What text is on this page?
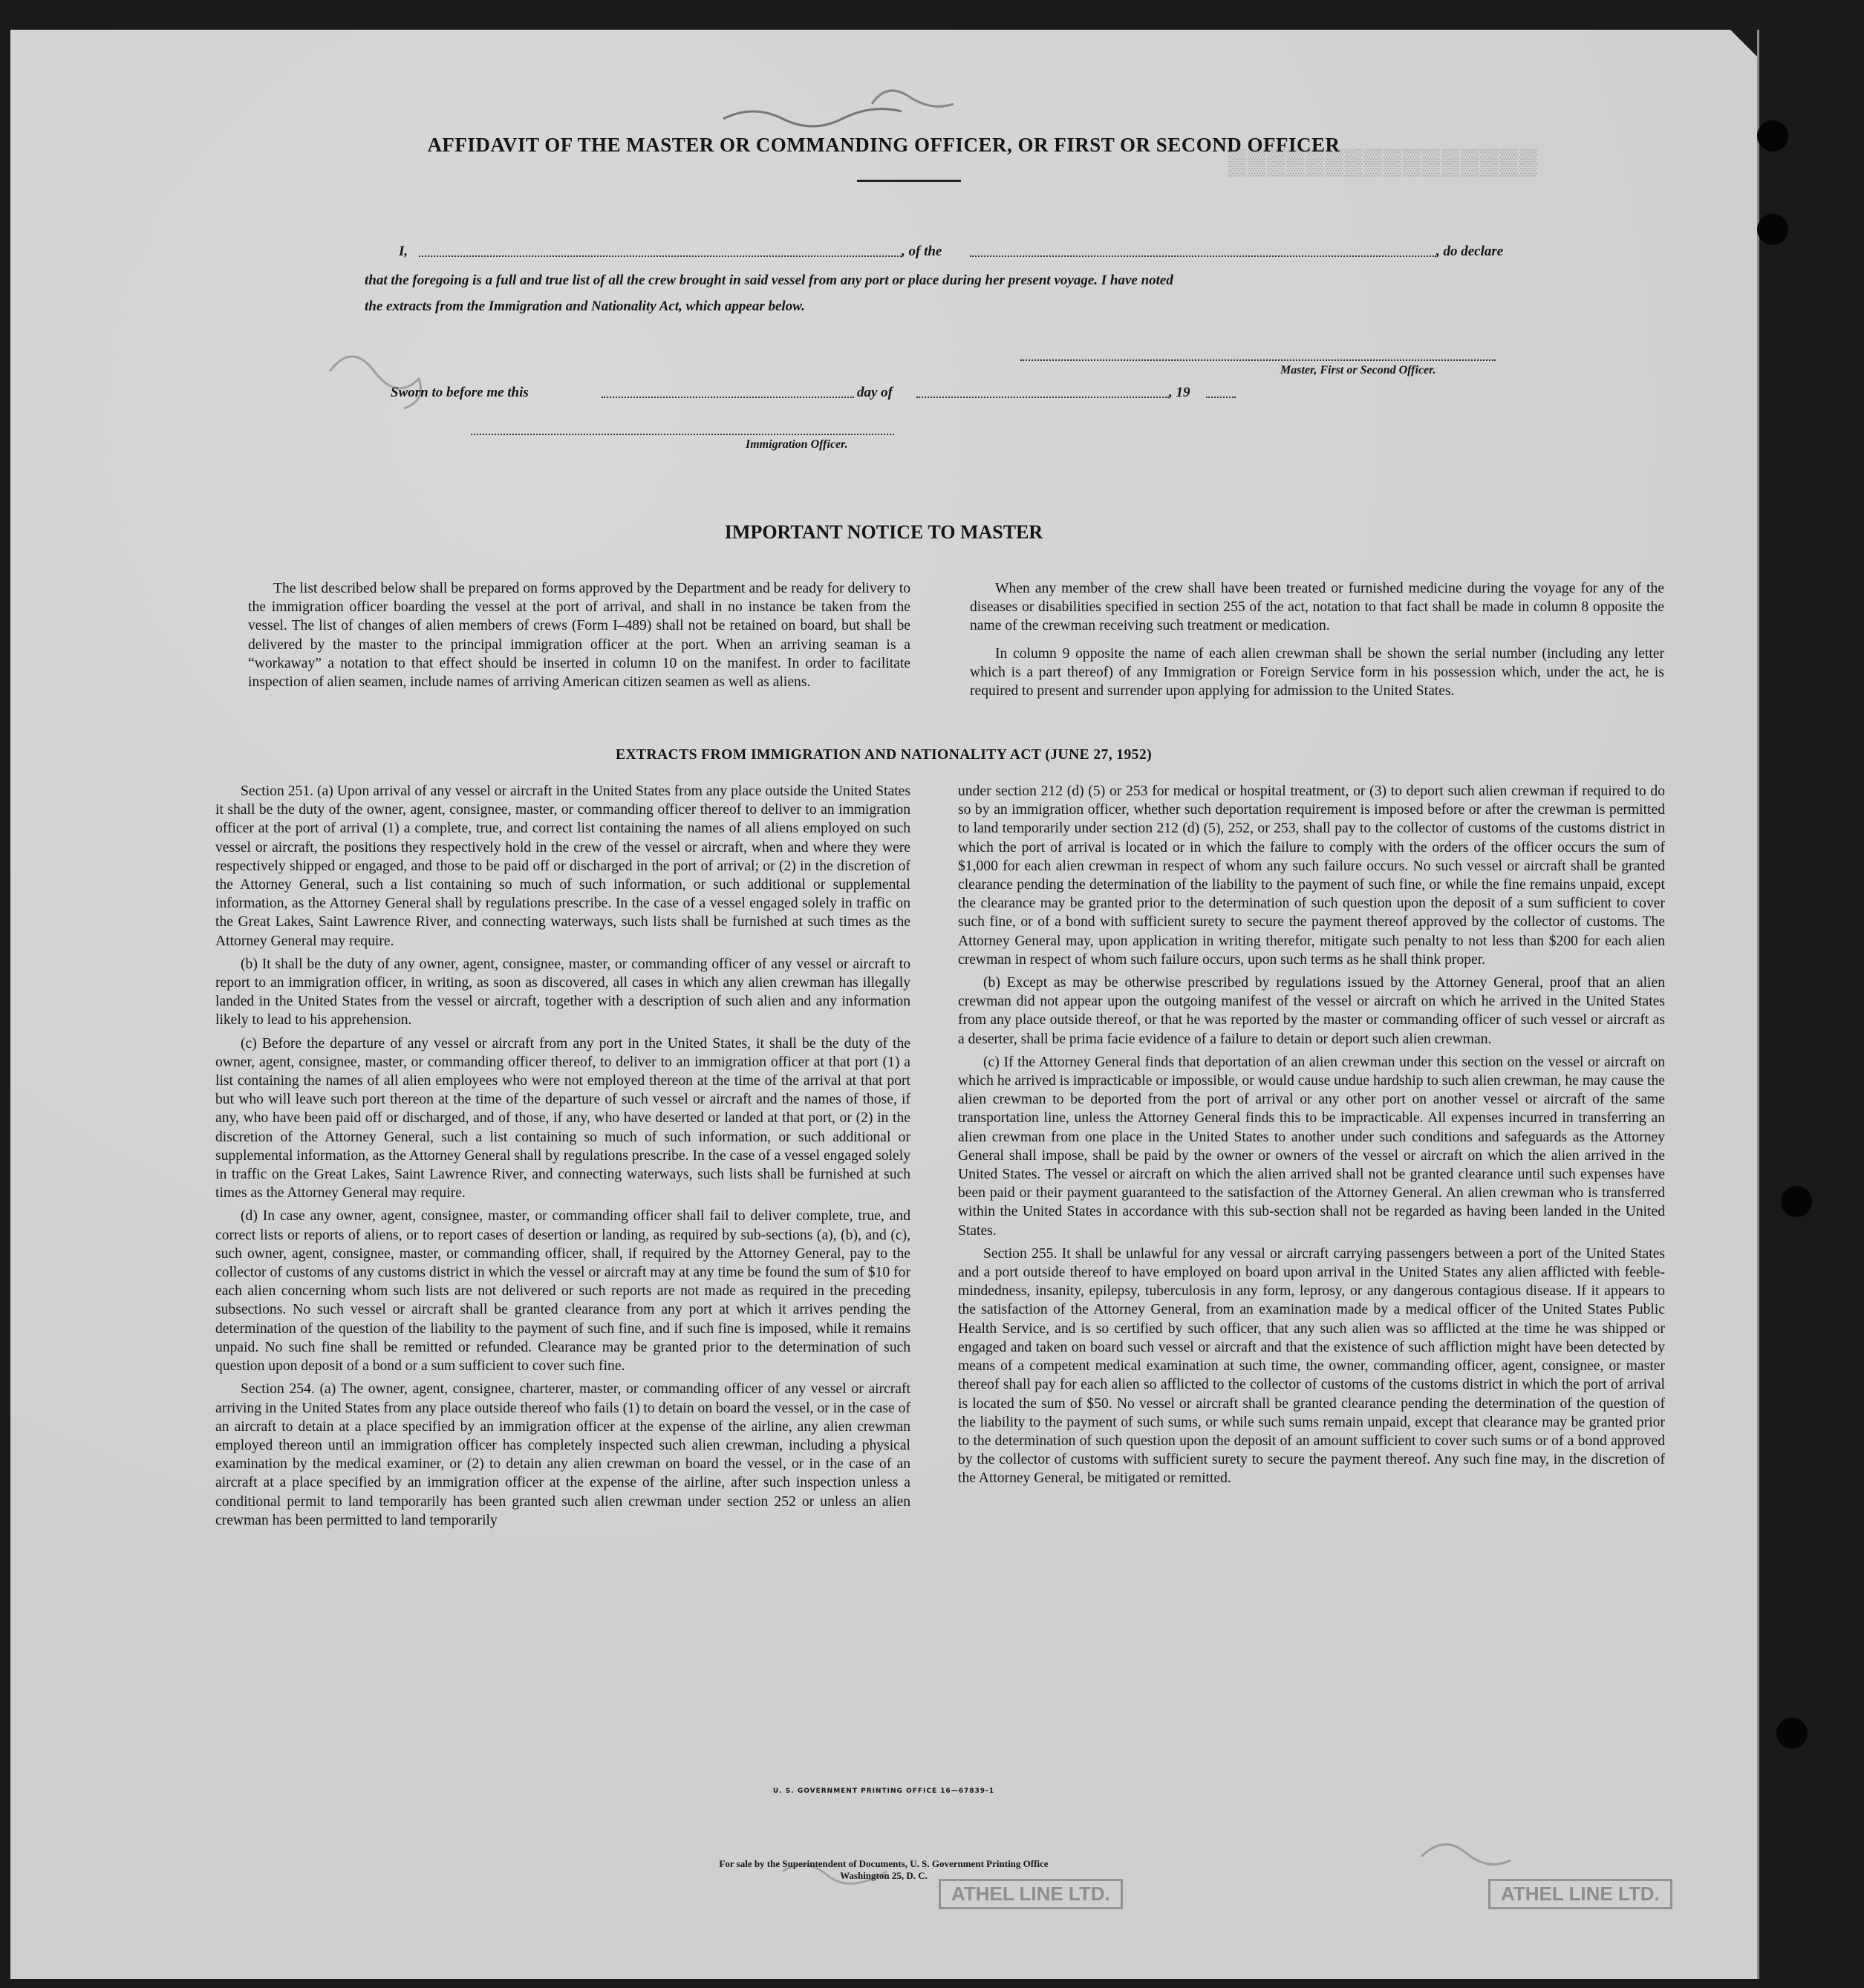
▒▒▒▒▒▒▒▒▒▒▒▒▒▒▒▒
AFFIDAVIT OF THE MASTER OR COMMANDING OFFICER, OR FIRST OR SECOND OFFICER
I,	, of the	, do declare
that the foregoing is a full and true list of all the crew brought in said vessel from any port or place during her present voyage. I have noted
the extracts from the Immigration and Nationality Act, which appear below.
Master, First or Second Officer.
Sworn to before me this	day of	, 19
Immigration Officer.
IMPORTANT NOTICE TO MASTER

The list described below shall be prepared on forms approved by the Department and be ready for delivery to the immigration officer boarding the vessel at the port of arrival, and shall in no instance be taken from the vessel. The list of changes of alien members of crews (Form I–489) shall not be retained on board, but shall be delivered by the master to the principal immigration officer at the port. When an arriving seaman is a “workaway” a notation to that effect should be inserted in column 10 on the manifest. In order to facilitate inspection of alien seamen, include names of arriving American citizen seamen as well as aliens.

When any member of the crew shall have been treated or furnished medicine during the voyage for any of the diseases or disabilities specified in section 255 of the act, notation to that fact shall be made in column 8 opposite the name of the crewman receiving such treatment or medication.

In column 9 opposite the name of each alien crewman shall be shown the serial number (including any letter which is a part thereof) of any Immigration or Foreign Service form in his possession which, under the act, he is required to present and surrender upon applying for admission to the United States.

EXTRACTS FROM IMMIGRATION AND NATIONALITY ACT (JUNE 27, 1952)

Section 251. (a) Upon arrival of any vessel or aircraft in the United States from any place outside the United States it shall be the duty of the owner, agent, consignee, master, or commanding officer thereof to deliver to an immigration officer at the port of arrival (1) a complete, true, and correct list containing the names of all aliens employed on such vessel or aircraft, the positions they respectively hold in the crew of the vessel or aircraft, when and where they were respectively shipped or engaged, and those to be paid off or discharged in the port of arrival; or (2) in the discretion of the Attorney General, such a list containing so much of such information, or such additional or supplemental information, as the Attorney General shall by regulations prescribe. In the case of a vessel engaged solely in traffic on the Great Lakes, Saint Lawrence River, and connecting waterways, such lists shall be furnished at such times as the Attorney General may require.

(b) It shall be the duty of any owner, agent, consignee, master, or commanding officer of any vessel or aircraft to report to an immigration officer, in writing, as soon as discovered, all cases in which any alien crewman has illegally landed in the United States from the vessel or aircraft, together with a description of such alien and any information likely to lead to his apprehension.

(c) Before the departure of any vessel or aircraft from any port in the United States, it shall be the duty of the owner, agent, consignee, master, or commanding officer thereof, to deliver to an immigration officer at that port (1) a list containing the names of all alien employees who were not employed thereon at the time of the arrival at that port but who will leave such port thereon at the time of the departure of such vessel or aircraft and the names of those, if any, who have been paid off or discharged, and of those, if any, who have deserted or landed at that port, or (2) in the discretion of the Attorney General, such a list containing so much of such information, or such additional or supplemental information, as the Attorney General shall by regulations prescribe. In the case of a vessel engaged solely in traffic on the Great Lakes, Saint Lawrence River, and connecting waterways, such lists shall be furnished at such times as the Attorney General may require.

(d) In case any owner, agent, consignee, master, or commanding officer shall fail to deliver complete, true, and correct lists or reports of aliens, or to report cases of desertion or landing, as required by sub-sections (a), (b), and (c), such owner, agent, consignee, master, or commanding officer, shall, if required by the Attorney General, pay to the collector of customs of any customs district in which the vessel or aircraft may at any time be found the sum of $10 for each alien concerning whom such lists are not delivered or such reports are not made as required in the preceding subsections. No such vessel or aircraft shall be granted clearance from any port at which it arrives pending the determination of the question of the liability to the payment of such fine, and if such fine is imposed, while it remains unpaid. No such fine shall be remitted or refunded. Clearance may be granted prior to the determination of such question upon deposit of a bond or a sum sufficient to cover such fine.

Section 254. (a) The owner, agent, consignee, charterer, master, or commanding officer of any vessel or aircraft arriving in the United States from any place outside thereof who fails (1) to detain on board the vessel, or in the case of an aircraft to detain at a place specified by an immigration officer at the expense of the airline, any alien crewman employed thereon until an immigration officer has completely inspected such alien crewman, including a physical examination by the medical examiner, or (2) to detain any alien crewman on board the vessel, or in the case of an aircraft at a place specified by an immigration officer at the expense of the airline, after such inspection unless a conditional permit to land temporarily has been granted such alien crewman under section 252 or unless an alien crewman has been permitted to land temporarily

under section 212 (d) (5) or 253 for medical or hospital treatment, or (3) to deport such alien crewman if required to do so by an immigration officer, whether such deportation requirement is imposed before or after the crewman is permitted to land temporarily under section 212 (d) (5), 252, or 253, shall pay to the collector of customs of the customs district in which the port of arrival is located or in which the failure to comply with the orders of the officer occurs the sum of $1,000 for each alien crewman in respect of whom any such failure occurs. No such vessel or aircraft shall be granted clearance pending the determination of the liability to the payment of such fine, or while the fine remains unpaid, except the clearance may be granted prior to the determination of such question upon the deposit of a sum sufficient to cover such fine, or of a bond with sufficient surety to secure the payment thereof approved by the collector of customs. The Attorney General may, upon application in writing therefor, mitigate such penalty to not less than $200 for each alien crewman in respect of whom such failure occurs, upon such terms as he shall think proper.

(b) Except as may be otherwise prescribed by regulations issued by the Attorney General, proof that an alien crewman did not appear upon the outgoing manifest of the vessel or aircraft on which he arrived in the United States from any place outside thereof, or that he was reported by the master or commanding officer of such vessel or aircraft as a deserter, shall be prima facie evidence of a failure to detain or deport such alien crewman.

(c) If the Attorney General finds that deportation of an alien crewman under this section on the vessel or aircraft on which he arrived is impracticable or impossible, or would cause undue hardship to such alien crewman, he may cause the alien crewman to be deported from the port of arrival or any other port on another vessel or aircraft of the same transportation line, unless the Attorney General finds this to be impracticable. All expenses incurred in transferring an alien crewman from one place in the United States to another under such conditions and safeguards as the Attorney General shall impose, shall be paid by the owner or owners of the vessel or aircraft on which the alien arrived in the United States. The vessel or aircraft on which the alien arrived shall not be granted clearance until such expenses have been paid or their payment guaranteed to the satisfaction of the Attorney General. An alien crewman who is transferred within the United States in accordance with this sub-section shall not be regarded as having been landed in the United States.

Section 255. It shall be unlawful for any vessal or aircraft carrying passengers between a port of the United States and a port outside thereof to have employed on board upon arrival in the United States any alien afflicted with feeble-mindedness, insanity, epilepsy, tuberculosis in any form, leprosy, or any dangerous contagious disease. If it appears to the satisfaction of the Attorney General, from an examination made by a medical officer of the United States Public Health Service, and is so certified by such officer, that any such alien was so afflicted at the time he was shipped or engaged and taken on board such vessel or aircraft and that the existence of such affliction might have been detected by means of a competent medical examination at such time, the owner, commanding officer, agent, consignee, or master thereof shall pay for each alien so afflicted to the collector of customs of the customs district in which the port of arrival is located the sum of $50. No vessel or aircraft shall be granted clearance pending the determination of the question of the liability to the payment of such sums, or while such sums remain unpaid, except that clearance may be granted prior to the determination of such question upon the deposit of an amount sufficient to cover such sums or of a bond approved by the collector of customs with sufficient surety to secure the payment thereof. Any such fine may, in the discretion of the Attorney General, be mitigated or remitted.

U. S. GOVERNMENT PRINTING OFFICE 16—67839-1
For sale by the Superintendent of Documents, U. S. Government Printing Office
Washington 25, D. C.
ATHEL LINE LTD.	ATHEL LINE LTD.
